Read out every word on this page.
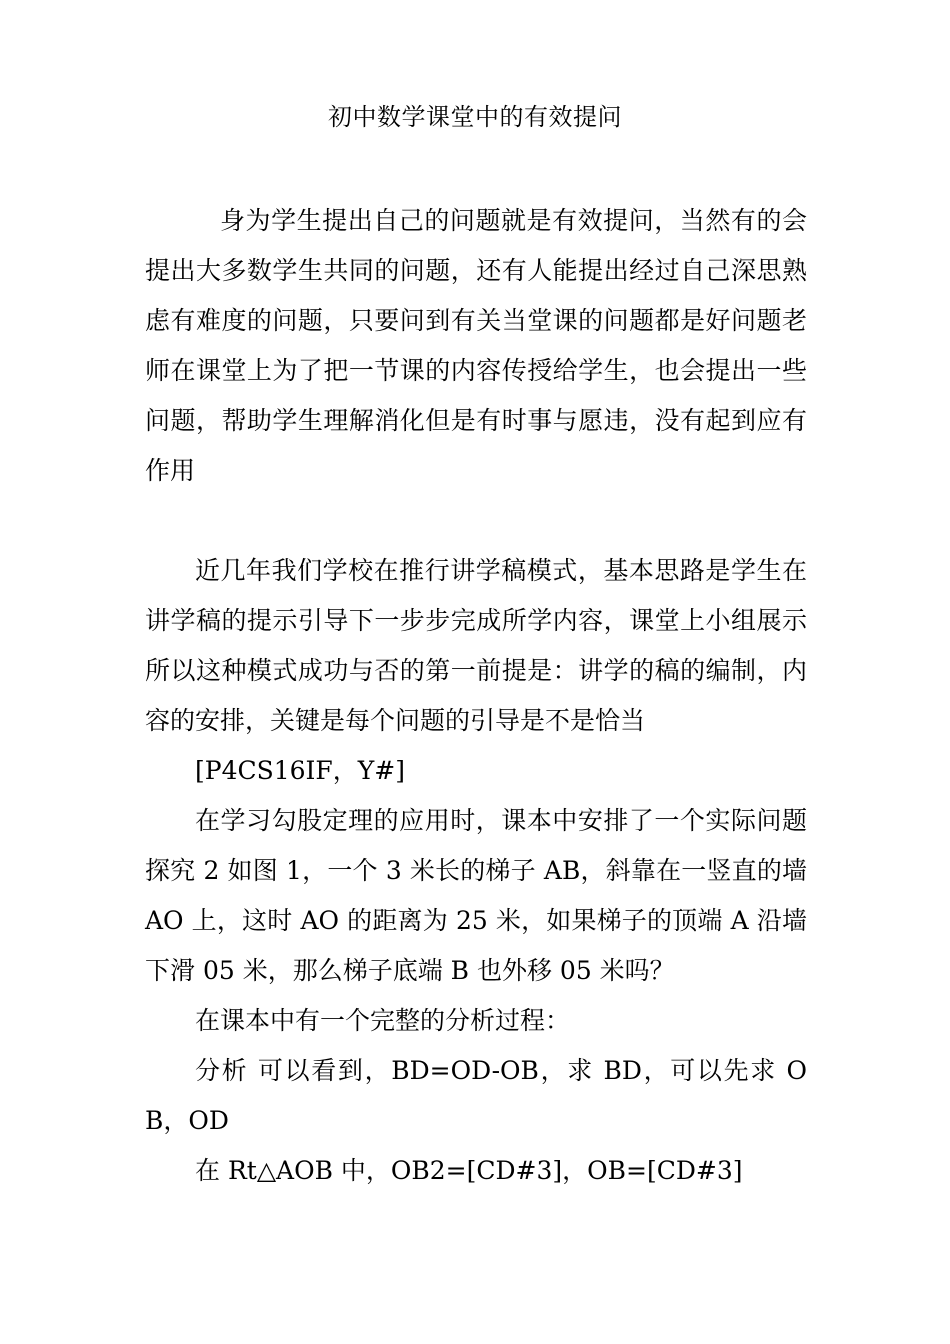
初中数学课堂中的有效提问

身为学生提出自己的问题就是有效提问，当然有的会提出大多数学生共同的问题，还有人能提出经过自己深思熟虑有难度的问题，只要问到有关当堂课的问题都是好问题老师在课堂上为了把一节课的内容传授给学生，也会提出一些问题，帮助学生理解消化但是有时事与愿违，没有起到应有作用

近几年我们学校在推行讲学稿模式，基本思路是学生在讲学稿的提示引导下一步步完成所学内容，课堂上小组展示所以这种模式成功与否的第一前提是：讲学的稿的编制，内容的安排，关键是每个问题的引导是不是恰当

[P4CS16IF，Y#]

在学习勾股定理的应用时，课本中安排了一个实际问题探究 2 如图 1，一个 3 米长的梯子 AB，斜靠在一竖直的墙 AO 上，这时 AO 的距离为 25 米，如果梯子的顶端 A 沿墙下滑 05 米，那么梯子底端 B 也外移 05 米吗？

在课本中有一个完整的分析过程：

分析 可以看到，BD=OD-OB，求 BD，可以先求 OB，OD

在 Rt△AOB 中，OB2=[CD#3]，OB=[CD#3]
